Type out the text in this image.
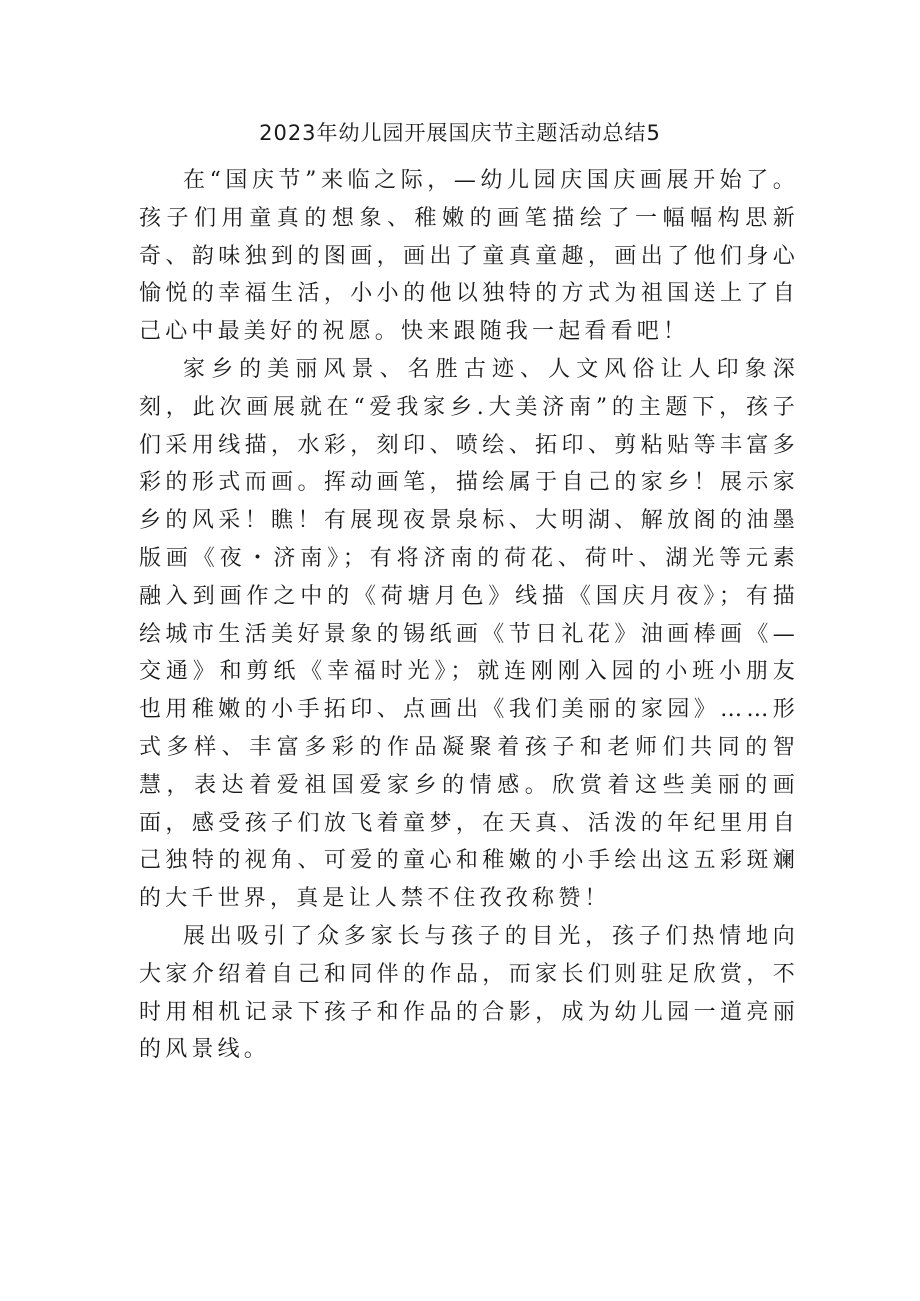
2023年幼儿园开展国庆节主题活动总结5

在“国庆节”来临之际，—幼儿园庆国庆画展开始了。孩子们用童真的想象、稚嫩的画笔描绘了一幅幅构思新奇、韵味独到的图画，画出了童真童趣，画出了他们身心愉悦的幸福生活，小小的他以独特的方式为祖国送上了自己心中最美好的祝愿。快来跟随我一起看看吧！

家乡的美丽风景、名胜古迹、人文风俗让人印象深刻，此次画展就在“爱我家乡.大美济南”的主题下，孩子们采用线描，水彩，刻印、喷绘、拓印、剪粘贴等丰富多彩的形式而画。挥动画笔，描绘属于自己的家乡！展示家乡的风采！瞧！有展现夜景泉标、大明湖、解放阁的油墨版画《夜・济南》；有将济南的荷花、荷叶、湖光等元素融入到画作之中的《荷塘月色》线描《国庆月夜》；有描绘城市生活美好景象的锡纸画《节日礼花》油画棒画《—交通》和剪纸《幸福时光》；就连刚刚入园的小班小朋友也用稚嫩的小手拓印、点画出《我们美丽的家园》……形式多样、丰富多彩的作品凝聚着孩子和老师们共同的智慧，表达着爱祖国爱家乡的情感。欣赏着这些美丽的画面，感受孩子们放飞着童梦，在天真、活泼的年纪里用自己独特的视角、可爱的童心和稚嫩的小手绘出这五彩斑斓的大千世界，真是让人禁不住孜孜称赞！

展出吸引了众多家长与孩子的目光，孩子们热情地向大家介绍着自己和同伴的作品，而家长们则驻足欣赏，不时用相机记录下孩子和作品的合影，成为幼儿园一道亮丽的风景线。
